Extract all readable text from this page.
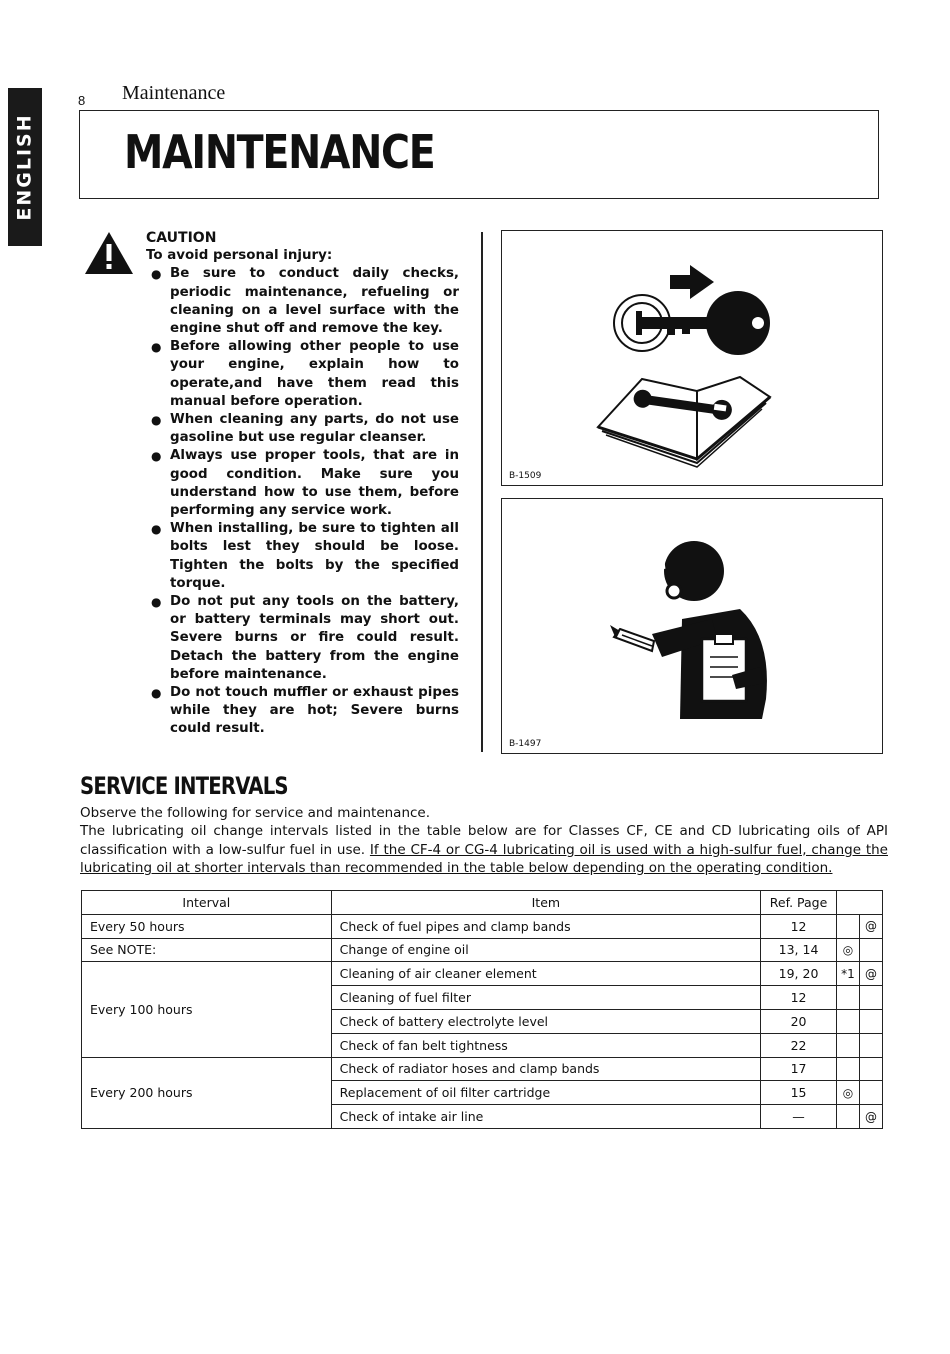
ENGLISH
8 Maintenance
MAINTENANCE
CAUTION
To avoid personal injury:
● Be sure to conduct daily checks, periodic maintenance, refueling or cleaning on a level surface with the engine shut off and remove the key.
● Before allowing other people to use your engine, explain how to operate,and have them read this manual before operation.
● When cleaning any parts, do not use gasoline but use regular cleanser.
● Always use proper tools, that are in good condition. Make sure you understand how to use them, before performing any service work.
● When installing, be sure to tighten all bolts lest they should be loose. Tighten the bolts by the specified torque.
● Do not put any tools on the battery, or battery terminals may short out. Severe burns or fire could result. Detach the battery from the engine before maintenance.
● Do not touch muffler or exhaust pipes while they are hot; Severe burns could result.
B-1509
B-1497
SERVICE INTERVALS
Observe the following for service and maintenance.
The lubricating oil change intervals listed in the table below are for Classes CF, CE and CD lubricating oils of API classification with a low-sulfur fuel in use. If the CF-4 or CG-4 lubricating oil is used with a high-sulfur fuel, change the lubricating oil at shorter intervals than recommended in the table below depending on the operating condition.
Interval	Item	Ref. Page		
Every 50 hours	Check of fuel pipes and clamp bands	12		@
See NOTE:	Change of engine oil	13, 14	◎	
Every 100 hours	Cleaning of air cleaner element	19, 20	*1	@
	Cleaning of fuel filter	12		
	Check of battery electrolyte level	20		
	Check of fan belt tightness	22		
Every 200 hours	Check of radiator hoses and clamp bands	17		
	Replacement of oil filter cartridge	15	◎	
	Check of intake air line	—		@
